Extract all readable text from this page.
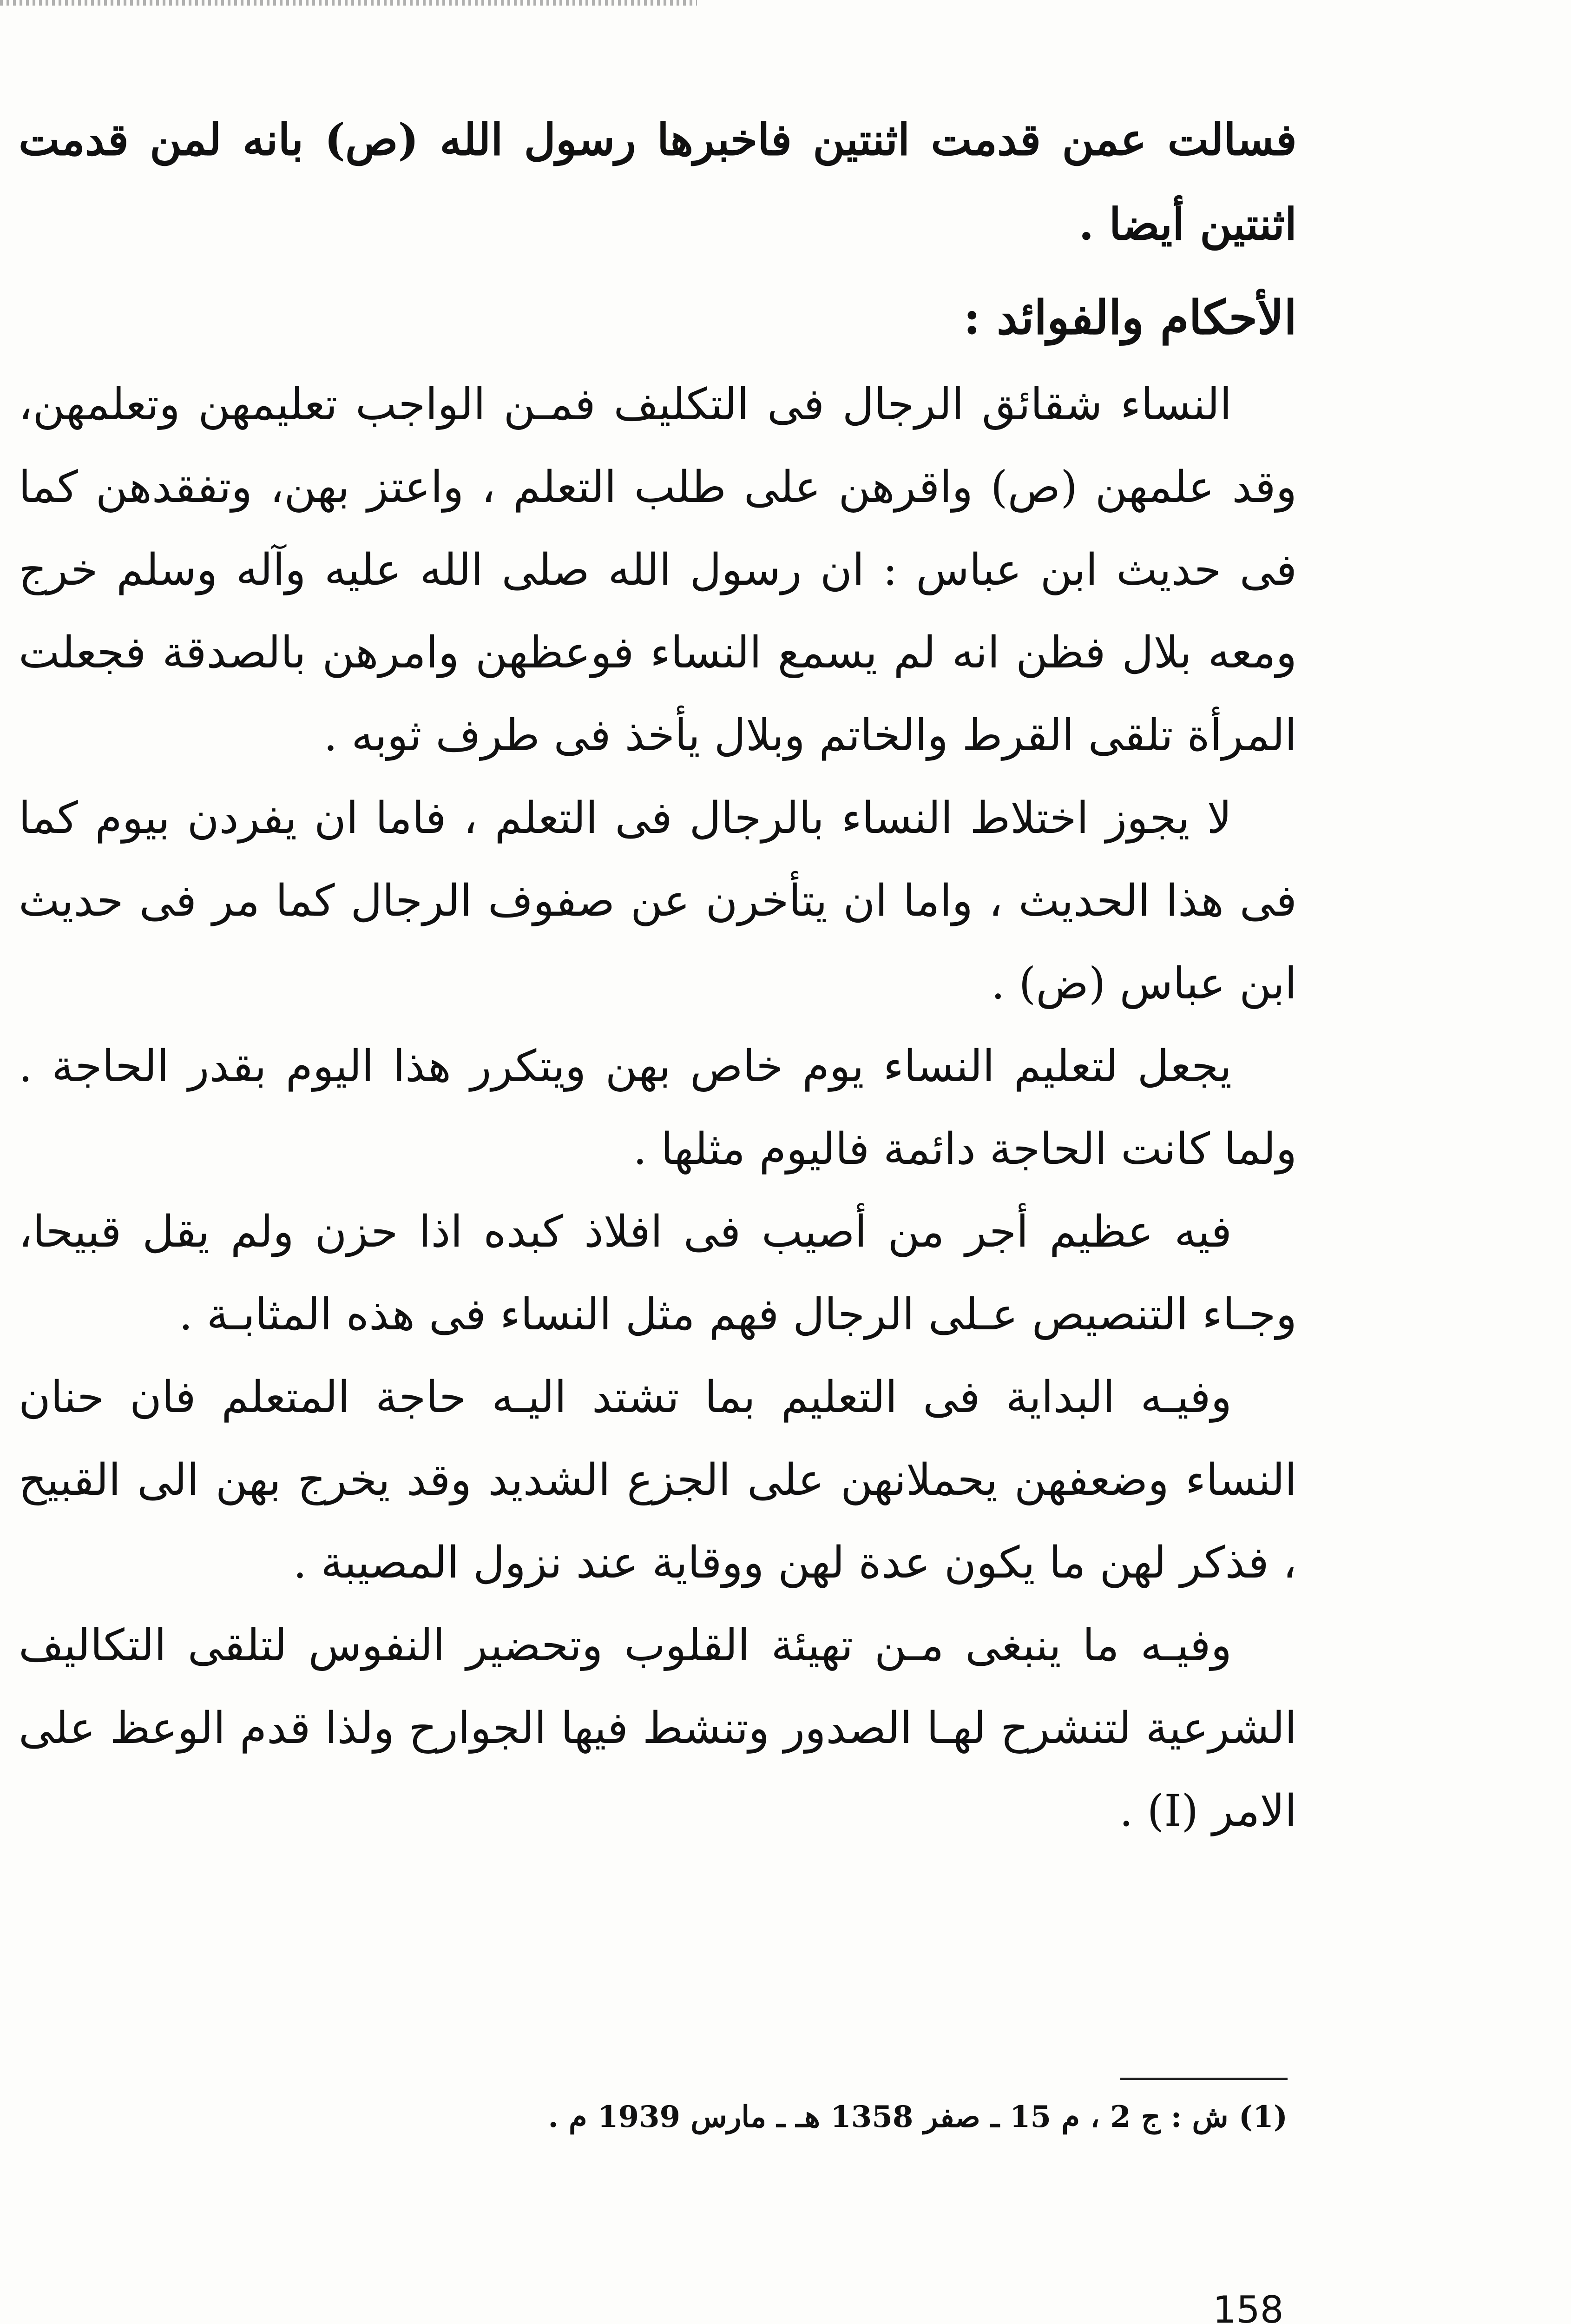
فسالت عمن قدمت اثنتين فاخبرها رسول الله (ص) بانه لمن قدمت اثنتين أيضا .

الأحكام والفوائد :

النساء شقائق الرجال فى التكليف فمـن الواجب تعليمهن وتعلمهن، وقد علمهن (ص) واقرهن على طلب التعلم ، واعتز بهن، وتفقدهن كما فى حديث ابن عباس : ان رسول الله صلى الله عليه وآله وسلم خرج ومعه بلال فظن انه لم يسمع النساء فوعظهن وامرهن بالصدقة فجعلت المرأة تلقى القرط والخاتم وبلال يأخذ فى طرف ثوبه .

لا يجوز اختلاط النساء بالرجال فى التعلم ، فاما ان يفردن بيوم كما فى هذا الحديث ، واما ان يتأخرن عن صفوف الرجال كما مر فى حديث ابن عباس (ض) .

يجعل لتعليم النساء يوم خاص بهن ويتكرر هذا اليوم بقدر الحاجة . ولما كانت الحاجة دائمة فاليوم مثلها .

فيه عظيم أجر من أصيب فى افلاذ كبده اذا حزن ولم يقل قبيحا، وجـاء التنصيص عـلى الرجال فهم مثل النساء فى هذه المثابـة .

وفيـه البداية فى التعليم بما تشتد اليـه حاجة المتعلم فان حنان النساء وضعفهن يحملانهن على الجزع الشديد وقد يخرج بهن الى القبيح ، فذكر لهن ما يكون عدة لهن ووقاية عند نزول المصيبة .

وفيـه ما ينبغى مـن تهيئة القلوب وتحضير النفوس لتلقى التكاليف الشرعية لتنشرح لهـا الصدور وتنشط فيها الجوارح ولذا قدم الوعظ على الامر (I) .

(1) ش : ج 2 ، م 15 ـ صفر 1358 هـ ـ مارس 1939 م .
158
